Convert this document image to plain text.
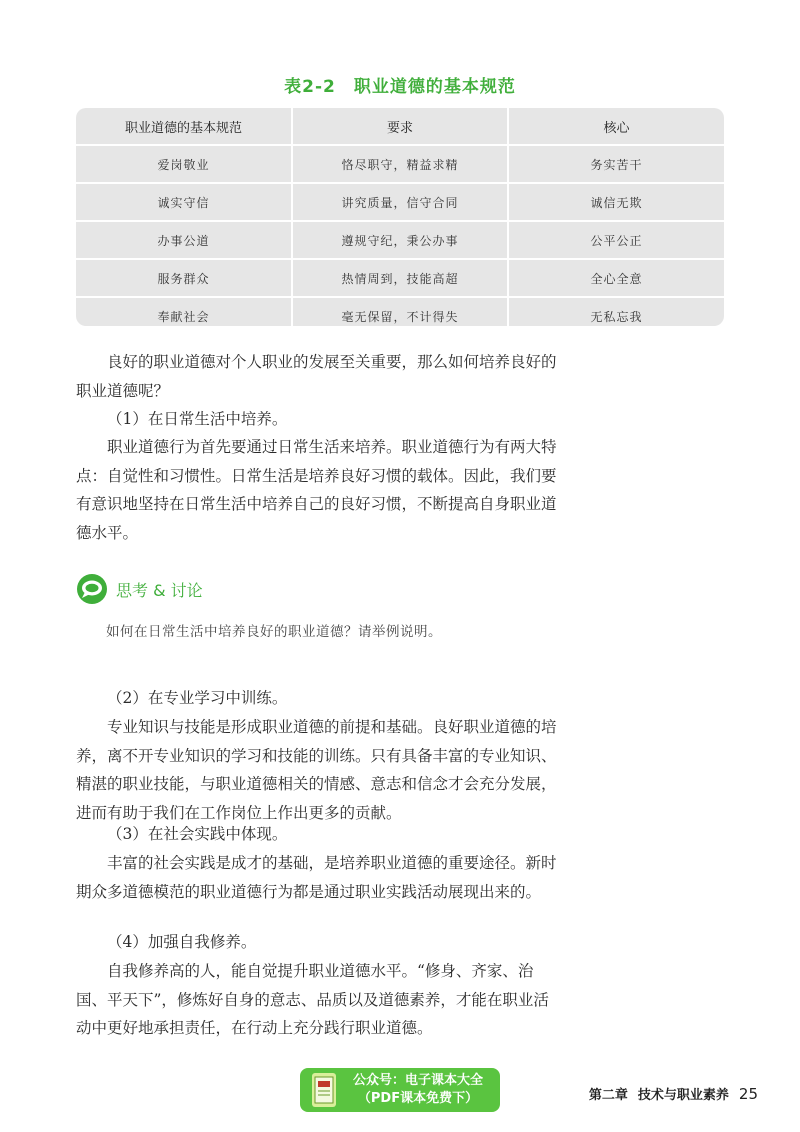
表2-2　职业道德的基本规范
职业道德的基本规范	要求	核心
爱岗敬业	恪尽职守，精益求精	务实苦干
诚实守信	讲究质量，信守合同	诚信无欺
办事公道	遵规守纪，秉公办事	公平公正
服务群众	热情周到，技能高超	全心全意
奉献社会	毫无保留，不计得失	无私忘我

良好的职业道德对个人职业的发展至关重要，那么如何培养良好的职业道德呢？

（1）在日常生活中培养。

职业道德行为首先要通过日常生活来培养。职业道德行为有两大特点：自觉性和习惯性。日常生活是培养良好习惯的载体。因此，我们要有意识地坚持在日常生活中培养自己的良好习惯，不断提高自身职业道德水平。

思考 & 讨论
如何在日常生活中培养良好的职业道德？请举例说明。

（2）在专业学习中训练。

专业知识与技能是形成职业道德的前提和基础。良好职业道德的培养，离不开专业知识的学习和技能的训练。只有具备丰富的专业知识、精湛的职业技能，与职业道德相关的情感、意志和信念才会充分发展，进而有助于我们在工作岗位上作出更多的贡献。

（3）在社会实践中体现。

丰富的社会实践是成才的基础，是培养职业道德的重要途径。新时期众多道德模范的职业道德行为都是通过职业实践活动展现出来的。

（4）加强自我修养。

自我修养高的人，能自觉提升职业道德水平。“修身、齐家、治国、平天下”，修炼好自身的意志、品质以及道德素养，才能在职业活动中更好地承担责任，在行动上充分践行职业道德。

公众号：电子课本大全
（PDF课本免费下）	第二章 技术与职业素养 25
